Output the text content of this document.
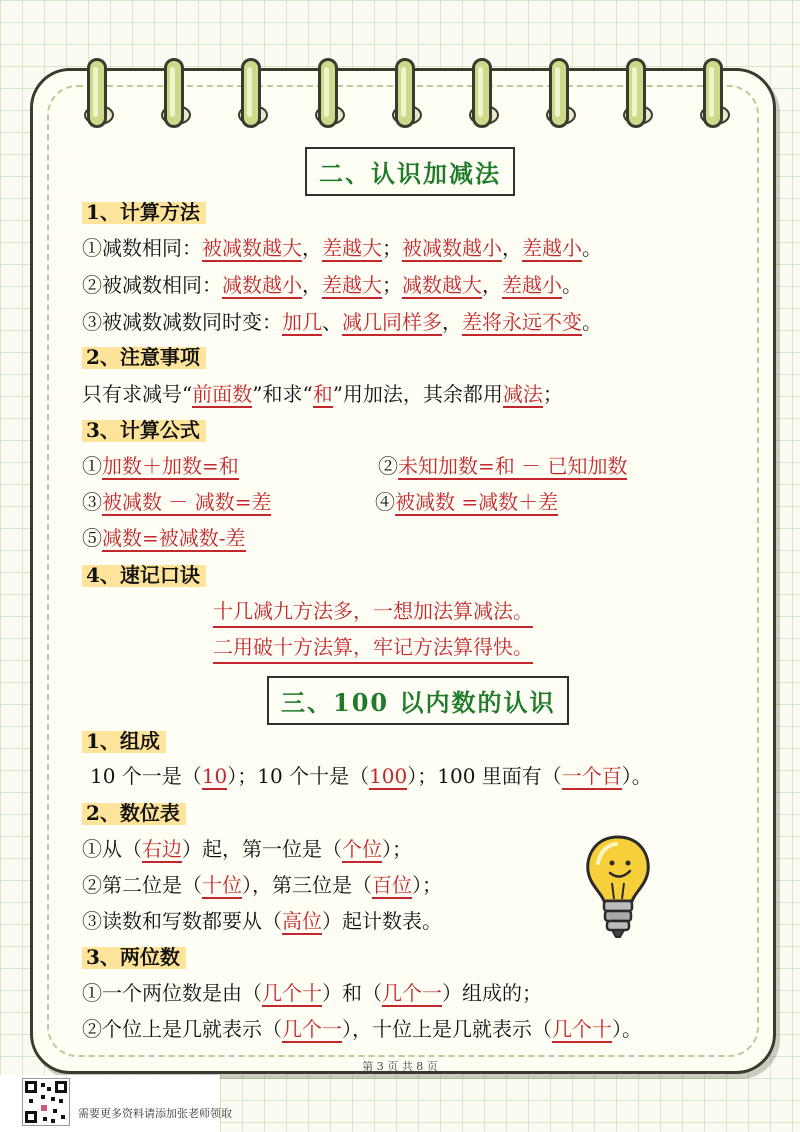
二、认识加减法
1、计算方法
①减数相同：被减数越大，差越大；被减数越小，差越小。
②被减数相同：减数越小，差越大；减数越大，差越小。
③被减数减数同时变：加几、减几同样多，差将永远不变。
2、注意事项
只有求减号“前面数”和求“和”用加法，其余都用减法；
3、计算公式
①加数＋加数=和	②未知加数=和 － 已知加数
③被减数 － 减数=差	④被减数 =减数＋差
⑤减数=被减数-差
4、速记口诀
十几减九方法多，一想加法算减法。
二用破十方法算，牢记方法算得快。
三、100 以内数的认识
1、组成
10 个一是（10）；10 个十是（100）；100 里面有（一个百）。
2、数位表
①从（右边）起，第一位是（个位）；
②第二位是（十位），第三位是（百位）；
③读数和写数都要从（高位）起计数表。
3、两位数
①一个两位数是由（几个十）和（几个一）组成的；
②个位上是几就表示（几个一），十位上是几就表示（几个十）。
第 3 页 共 8 页
需要更多资料请添加张老师领取
